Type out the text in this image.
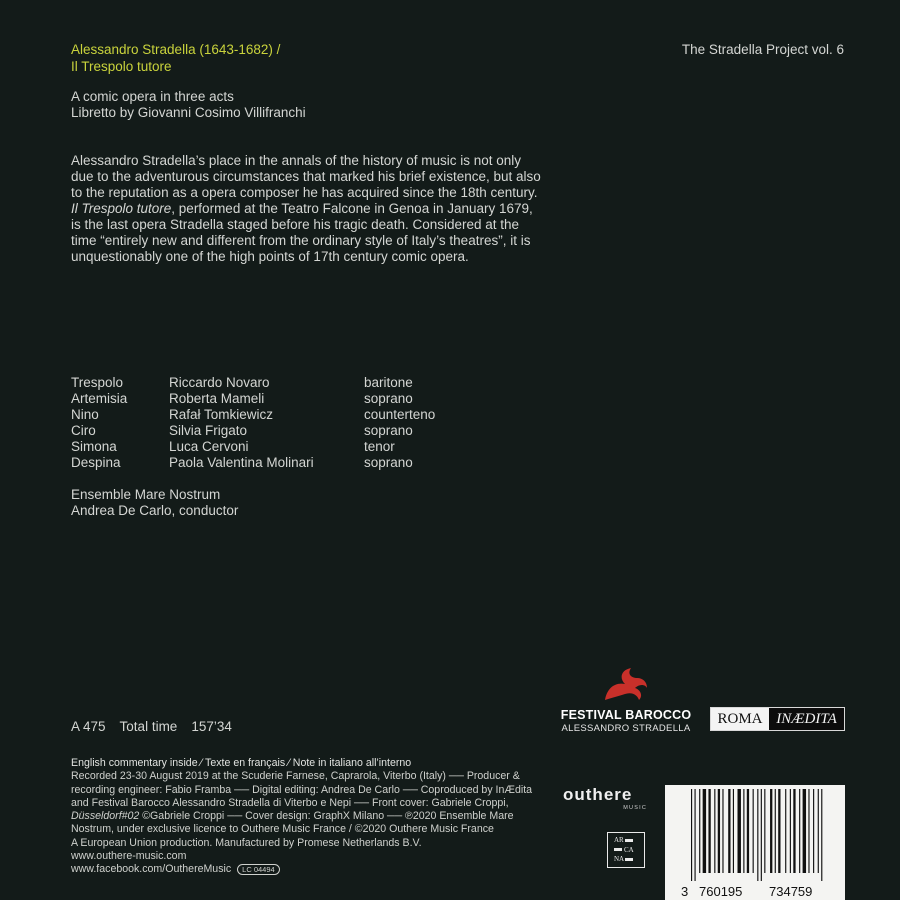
Alessandro Stradella (1643-1682) /
Il Trespolo tutore
The Stradella Project vol. 6
A comic opera in three acts
Libretto by Giovanni Cosimo Villifranchi
Alessandro Stradella’s place in the annals of the history of music is not only due to the adventurous circumstances that marked his brief existence, but also to the reputation as a opera composer he has acquired since the 18th century. Il Trespolo tutore, performed at the Teatro Falcone in Genoa in January 1679, is the last opera Stradella staged before his tragic death. Considered at the time “entirely new and different from the ordinary style of Italy’s theatres”, it is unquestionably one of the high points of 17th century comic opera.
Trespolo	Riccardo Novaro	baritone
Artemisia	Roberta Mameli	soprano
Nino	Rafał Tomkiewicz	counterteno
Ciro	Silvia Frigato	soprano
Simona	Luca Cervoni	tenor
Despina	Paola Valentina Molinari	soprano
Ensemble Mare Nostrum
Andrea De Carlo, conductor
A 475 Total time 157’34
English commentary inside ⁄ Texte en français ⁄ Note in italiano all’interno
Recorded 23-30 August 2019 at the Scuderie Farnese, Caprarola, Viterbo (Italy) ── Producer & recording engineer: Fabio Framba ── Digital editing: Andrea De Carlo ── Coproduced by InÆdita and Festival Barocco Alessandro Stradella di Viterbo e Nepi ── Front cover: Gabriele Croppi, Düsseldorf#02 ©Gabriele Croppi ── Cover design: GraphX Milano ── ℗2020 Ensemble Mare Nostrum, under exclusive licence to Outhere Music France / ©2020 Outhere Music France
A European Union production. Manufactured by Promese Netherlands B.V.
www.outhere-music.com
www.facebook.com/OuthereMusic LC 04494
FESTIVAL BAROCCO
ALESSANDRO STRADELLA
ROMA INÆDITA
outhere
MUSIC
AR
CA
NA
3 760195 734759
